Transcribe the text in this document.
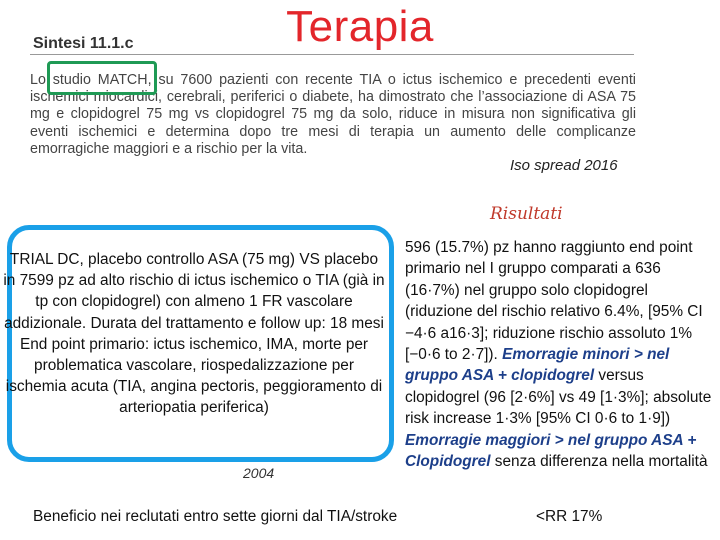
Terapia
Sintesi 11.1.c
Lo studio MATCH, su 7600 pazienti con recente TIA o ictus ischemico e precedenti eventi ischemici miocardici, cerebrali, periferici o diabete, ha dimostrato che l’associazione di ASA 75 mg e clopidogrel 75 mg vs clopidogrel 75 mg da solo, riduce in misura non significativa gli eventi ischemici e determina dopo tre mesi di terapia un aumento delle complicanze emorragiche maggiori e a rischio per la vita.
Iso spread 2016
Risultati
TRIAL DC, placebo controllo ASA (75 mg) VS placebo in 7599 pz ad alto rischio di ictus ischemico o TIA (già in tp con clopidogrel) con almeno 1 FR vascolare addizionale. Durata del trattamento e follow up: 18 mesi End point primario: ictus ischemico, IMA, morte per problematica vascolare, riospedalizzazione per ischemia acuta (TIA, angina pectoris, peggioramento di arteriopatia periferica)
2004
596 (15.7%) pz hanno raggiunto end point primario nel I gruppo comparati a 636 (16·7%) nel gruppo solo clopidogrel (riduzione del rischio relativo 6.4%, [95% CI −4·6 a16·3]; riduzione rischio assoluto 1% [−0·6 to 2·7]). Emorragie minori > nel gruppo ASA + clopidogrel versus clopidogrel (96 [2·6%] vs 49 [1·3%]; absolute risk increase 1·3% [95% CI 0·6 to 1·9]) Emorragie maggiori > nel gruppo ASA + Clopidogrel senza differenza nella mortalità
Beneficio nei reclutati entro sette giorni dal TIA/stroke	<RR 17%
